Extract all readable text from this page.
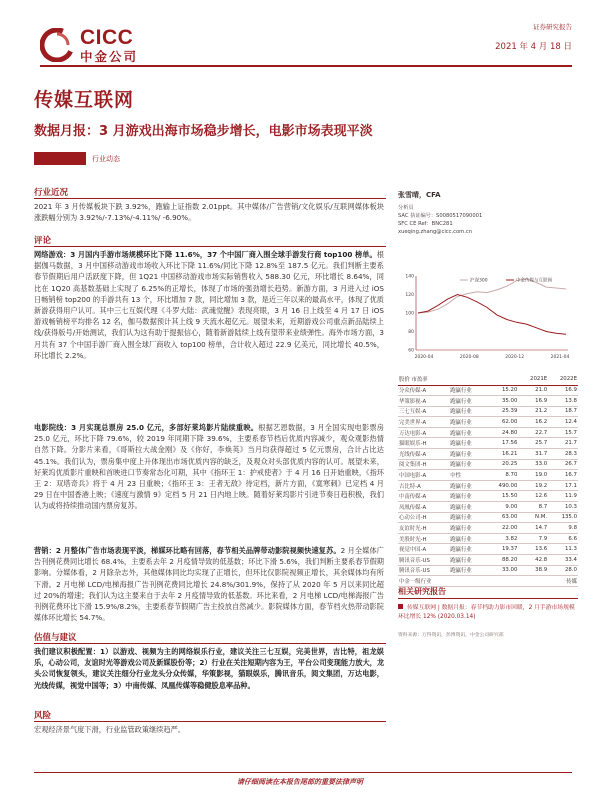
CICC
中金公司
证券研究报告
2021 年 4 月 18 日
传媒互联网
数据月报：3 月游戏出海市场稳步增长，电影市场表现平淡
行业动态
行业近况
2021 年 3 月传媒板块下跌 3.92%，跑输上证指数 2.01ppt。其中媒体/广告营销/文化娱乐/互联网媒体板块涨跌幅分别为 3.92%/-7.13%/-4.11%/ -6.90%。
评论
网络游戏：3 月国内手游市场规模环比下降 11.6%，37 个中国厂商入围全球手游发行商 top100 榜单。根据伽马数据，3 月中国移动游戏市场收入环比下降 11.6%/同比下降 12.8%至 187.5 亿元。我们判断主要系春节假期后用户活跃度下降，但 1Q21 中国移动游戏市场实际销售收入 588.30 亿元，环比增长 8.64%，同比在 1Q20 高基数基础上实现了 6.25%的正增长，体现了市场的强劲增长趋势。新游方面，3 月进入过 iOS 日畅销榜 top200 的手游共有 13 个，环比增加 7 款，同比增加 3 款，是近三年以来的最高水平，体现了优质新游获得用户认可。其中三七互娱代理《斗罗大陆：武魂觉醒》表现亮眼，3 月 16 日上线至 4 月 17 日 iOS 游戏畅销榜平均排名 12 名，伽马数据预计其上线 9 天流水超亿元。展望未来，近期游戏公司重点新品陆续上线/获得版号/开始测试，我们认为这有助于提振信心，随着新游陆续上线有望带来业绩弹性。海外市场方面，3 月共有 37 个中国手游厂商入围全球厂商收入 top100 榜单，合计收入超过 22.9 亿美元，同比增长 40.5%，环比增长 2.2%。
电影院线：3 月实现总票房 25.0 亿元，多部好莱坞影片陆续重映。根据艺恩数据，3 月全国实现电影票房 25.0 亿元，环比下降 79.6%，较 2019 年同期下降 39.6%，主要系春节档后优质内容减少，观众观影热情自然下降。分影片来看，《哥斯拉大战金刚》及《你好，李焕英》当月均获得超过 5 亿元票房，合计占比达 45.1%。我们认为，票房集中度上升体现出市场优质内容的缺乏，及观众对头部优质内容的认可。展望未来，好莱坞优质影片重映和首映进口节奏常态化可期，其中《指环王 1：护戒使者》于 4 月 16 日开始重映，《指环王 2：双塔奇兵》将于 4 月 23 日重映；《指环王 3：王者无敌》待定档，新片方面，《寞寒刺》已定档 4 月 29 日在中国香港上映；《速度与激情 9》定档 5 月 21 日内地上映。随着好莱坞影片引进节奏日趋积极，我们认为或将持续推动国内票房复苏。
营销：2 月整体广告市场表现平淡，梯媒环比略有回落，春节相关品牌带动影院视频快速复苏。2 月全媒体广告刊例花费同比增长 68.4%，主要系去年 2 月疫情导致的低基数；环比下滑 5.6%，我们判断主要系春节假期影响。分媒体看，2 月除杂志外，其他媒体同比均实现了正增长，但环比仅影院视频正增长，其余媒体均有所下滑。2 月电梯 LCD/电梯海报广告刊例花费同比增长 24.8%/301.9%，保持了从 2020 年 5 月以来同比超过 20%的增速；我们认为这主要来自于去年 2 月疫情导致的低基数。环比来看，2 月电梯 LCD/电梯海报广告刊例花费环比下滑 15.9%/8.2%，主要系春节假期广告主投放自然减少。影院媒体方面，春节档火热带动影院媒体环比增长 54.7%。
估值与建议
我们建议积极配置：1）以游戏、视频为主的网络娱乐行业，建议关注三七互娱，完美世界，吉比特，祖龙娱乐，心动公司，友谊时光等游戏公司及新媒股份等；2）行业在关注短期内容为王，平台公司变现能力放大，龙头公司恢复领头，建议关注细分行业龙头分众传媒，华策影视，猫眼娱乐，腾讯音乐，阅文集团，万达电影，光线传媒，视觉中国等；3）中南传媒、凤凰传媒等稳健股息率品种。
风险
宏观经济景气度下滑，行业监管政策继续趋严。
张雪晴，CFA
分析员
SAC 执证编号：S0080517090001
SFC CE Ref：BNC281
xueqing.zhang@cicc.com.cn
60
80
100
120
140
2020-04	2020-08	2020-12	2021-04
沪深300	中金传媒与互联网
股价 市盈率			2021E	2022E
分众传媒-A	跑赢行业	15.20	21.0	16.9
华策影视-A	跑赢行业	35.00	16.9	13.8
三七互娱-A	跑赢行业	25.39	21.2	18.7
完美世界-A	跑赢行业	62.00	16.2	12.4
万达电影-A	跑赢行业	24.80	22.7	15.7
猫眼娱乐-H	跑赢行业	17.56	25.7	21.7
光线传媒-A	跑赢行业	16.21	31.7	28.3
阅文集团-H	跑赢行业	20.25	33.0	26.7
中国电影-A	中性	8.70	19.0	16.7
吉比特-A	跑赢行业	490.00	19.2	17.1
中南传媒-A	跑赢行业	15.50	12.6	11.9
凤凰传媒-A	跑赢行业	9.00	8.7	10.3
心动公司-H	跑赢行业	63.00	N.M.	135.0
友谊时光-H	跑赢行业	22.00	14.7	9.8
美股时光-H	跑赢行业	3.82	7.9	6.6
视觉中国-A	跑赢行业	19.37	13.6	11.3
腾讯音乐-US	跑赢行业	88.20	42.8	33.4
腾讯音乐-US	跑赢行业	33.00	38.9	28.0
中金一级行业				传媒
相关研究报告
传媒互联网 | 数据月报：春节档助力影市回暖，2 月手游市场规模环比增长 12% (2020.03.14)
资料来源：万得资讯，彭博资讯，中金公司研究部
请仔细阅读在本报告尾部的重要法律声明
